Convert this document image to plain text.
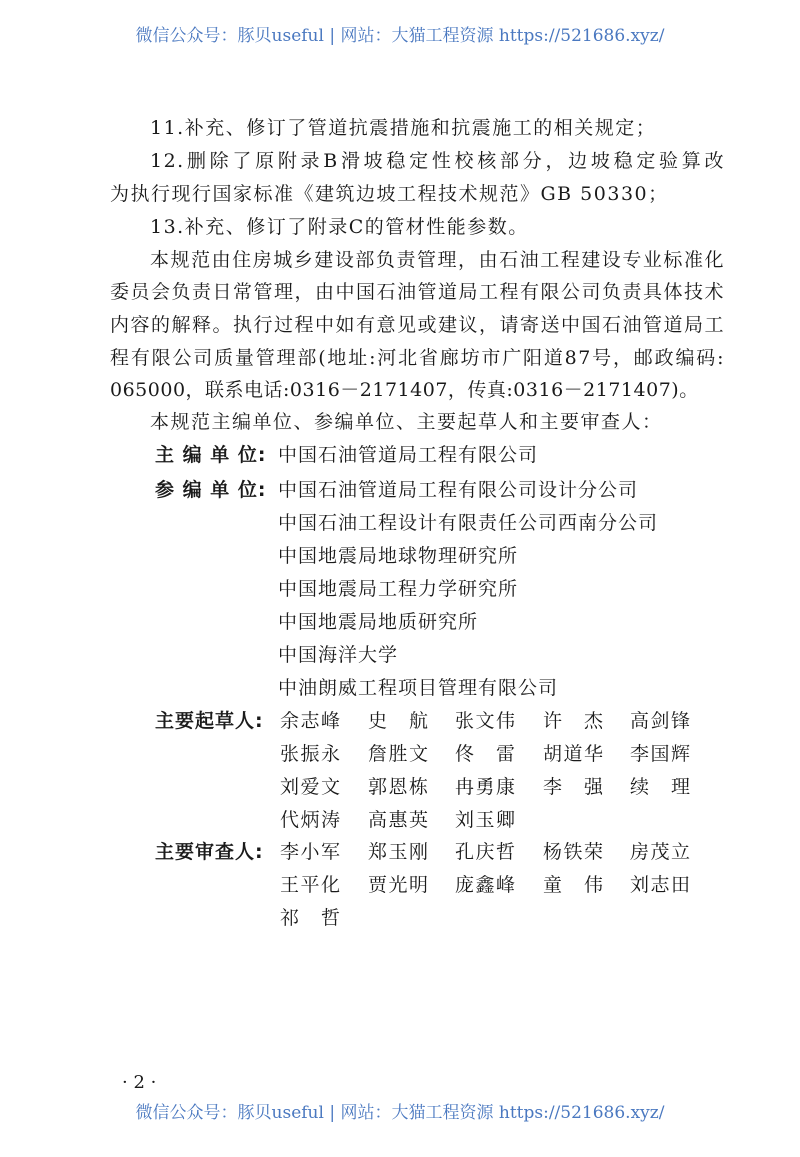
微信公众号：豚贝useful | 网站：大猫工程资源 https://521686.xyz/
11.补充、修订了管道抗震措施和抗震施工的相关规定；
12.删除了原附录B滑坡稳定性校核部分，边坡稳定验算改
为执行现行国家标准《建筑边坡工程技术规范》GB 50330；
13.补充、修订了附录C的管材性能参数。
本规范由住房城乡建设部负责管理，由石油工程建设专业标准化
委员会负责日常管理，由中国石油管道局工程有限公司负责具体技术
内容的解释。执行过程中如有意见或建议，请寄送中国石油管道局工
程有限公司质量管理部(地址:河北省廊坊市广阳道87号，邮政编码:
065000，联系电话:0316－2171407，传真:0316－2171407)。
本规范主编单位、参编单位、主要起草人和主要审查人：
主 编 单 位: 中国石油管道局工程有限公司
参 编 单 位: 中国石油管道局工程有限公司设计分公司
中国石油工程设计有限责任公司西南分公司
中国地震局地球物理研究所
中国地震局工程力学研究所
中国地震局地质研究所
中国海洋大学
中油朗威工程项目管理有限公司
主要起草人: 余志峰 史航 张文伟 许杰 高剑锋
张振永 詹胜文 佟雷 胡道华 李国辉
刘爱文 郭恩栋 冉勇康 李强 续理
代炳涛 高惠英 刘玉卿
主要审查人: 李小军 郑玉刚 孔庆哲 杨铁荣 房茂立
王平化 贾光明 庞鑫峰 童伟 刘志田
祁哲
· 2 ·
微信公众号：豚贝useful | 网站：大猫工程资源 https://521686.xyz/
